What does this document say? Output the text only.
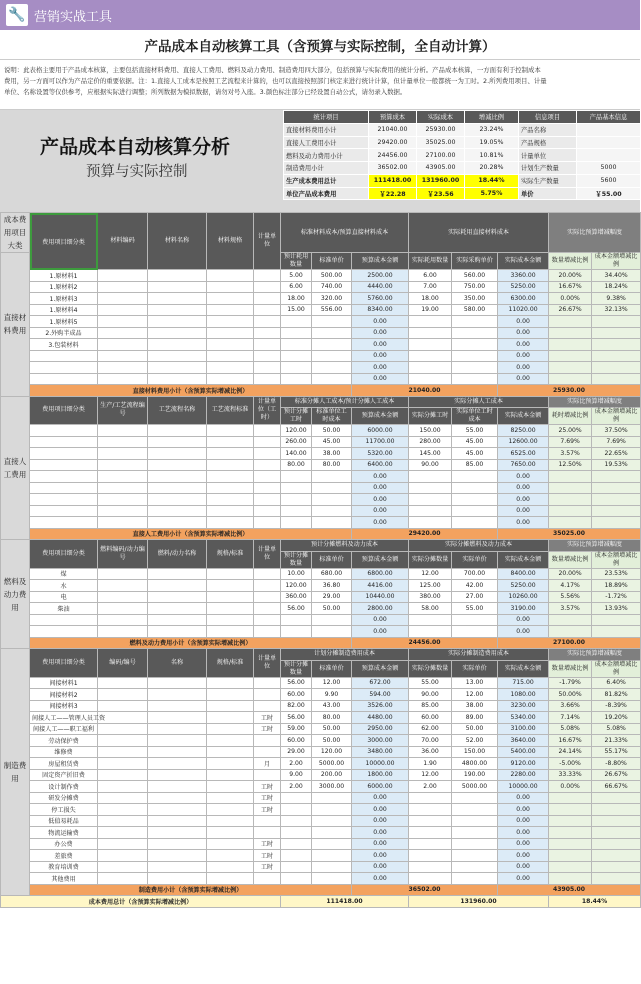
🔧 营销实战工具
产品成本自动核算工具（含预算与实际控制，全自动计算）
说明：此表格主要用于产品成本核算，主要包括直接材料费用、直接人工费用、燃料及动力费用、制造费用四大部分，包括预算与实际费用的统计分析。产品成本核算，一方面有利于控制成本
费用，另一方面可以作为产品定价的重要依据。注：1.直接人工成本是按照工艺流程来计算的，也可以直接按照部门核定来进行统计计算，但计量单位一般都统一为工时。2.所列费用项目、计量
单位、名称设置等仅供参考，应根据实际进行调整；所列数据为模拟数据，请勿对号入座。3.颜色标注部分已经设置自动公式，请勿录入数据。
产品成本自动核算分析
预算与实际控制
统计项目	预算成本	实际成本	增减比例	信息项目	产品基本信息
直接材料费用小计	21040.00	25930.00	23.24%	产品名称	
直接人工费用小计	29420.00	35025.00	19.05%	产品规格	
燃料及动力费用小计	24456.00	27100.00	10.81%	计量单位	
制造费用小计	36502.00	43905.00	20.28%	计划生产数量	5000
生产成本费用总计	111418.00	131960.00	18.44%	实际生产数量	5600
单位产品成本费用	￥22.28	￥23.56	5.75%	单价	￥55.00
成本费用项目大类	费用项目细分类	材料编码	材料名称	材料规格	计量单位	标准材料成本/预算直接材料成本			实际耗用直接材料成本			实际比预算增减幅度		
直接材料费用						预计耗用数量	标准单价	预算成本金额	实际耗用数量	实际采购单价	实际成本金额	数量增减比例	成本金额增减比例	
	1.原材料1					5.00	500.00	2500.00	6.00	560.00	3360.00	20.00%	34.40%	
	1.原材料2					6.00	740.00	4440.00	7.00	750.00	5250.00	16.67%	18.24%	
	1.原材料3					18.00	320.00	5760.00	18.00	350.00	6300.00	0.00%	9.38%	
	1.原材料4					15.00	556.00	8340.00	19.00	580.00	11020.00	26.67%	32.13%	
	1.原材料5							0.00			0.00			
	2.外购半成品							0.00			0.00			
	3.包装材料							0.00			0.00			
								0.00			0.00			
								0.00			0.00			
								0.00			0.00			
	直接材料费用小计（含预算实际增减比例）							21040.00			25930.00	
直接人工费用	费用项目细分类	生产/工艺流程编号	工艺流程名称	工艺流程标准	计量单位（工时）	标准分摊人工成本/预计分摊人工成本			实际分摊人工成本			实际比预算增减幅度		
						预计分摊工时	标准单位工时成本	预算成本金额	实际分摊工时	实际单位工时成本	实际成本金额	耗时增减比例	成本金额增减比例	
						120.00	50.00	6000.00	150.00	55.00	8250.00	25.00%	37.50%	
						260.00	45.00	11700.00	280.00	45.00	12600.00	7.69%	7.69%	
						140.00	38.00	5320.00	145.00	45.00	6525.00	3.57%	22.65%	
						80.00	80.00	6400.00	90.00	85.00	7650.00	12.50%	19.53%	
								0.00			0.00			
								0.00			0.00			
								0.00			0.00			
								0.00			0.00			
								0.00			0.00			
	直接人工费用小计（含预算实际增减比例）							29420.00			35025.00	
燃料及动力费用	费用项目细分类	燃料编码/动力编号	燃料/动力名称	规格/标准	计量单位	预计分摊燃料及动力成本			实际分摊燃料及动力成本			实际比预算增减幅度		
						预计分摊数量	标准单价	预算成本金额	实际分摊数量	实际单价	实际成本金额	数量增减比例	成本金额增减比例	
	煤					10.00	680.00	6800.00	12.00	700.00	8400.00	20.00%	23.53%	
	水					120.00	36.80	4416.00	125.00	42.00	5250.00	4.17%	18.89%	
	电					360.00	29.00	10440.00	380.00	27.00	10260.00	5.56%	-1.72%	
	柴油					56.00	50.00	2800.00	58.00	55.00	3190.00	3.57%	13.93%	
								0.00			0.00			
								0.00			0.00			
	燃料及动力费用小计（含预算实际增减比例）							24456.00			27100.00	
制造费用	费用项目细分类	编码/编号	名称	规格/标准	计量单位	计划分摊制造费用成本			实际分摊制造费用成本			实际比预算增减幅度		
						预计分摊数量	标准单价	预算成本金额	实际分摊数量	实际单价	实际成本金额	数量增减比例	成本金额增减比例	
	间接材料1					56.00	12.00	672.00	55.00	13.00	715.00	-1.79%	6.40%	
	间接材料2					60.00	9.90	594.00	90.00	12.00	1080.00	50.00%	81.82%	
	间接材料3					82.00	43.00	3526.00	85.00	38.00	3230.00	3.66%	-8.39%	
	间接人工——管理人员工资				工时	56.00	80.00	4480.00	60.00	89.00	5340.00	7.14%	19.20%	
	间接人工——职工福利				工时	59.00	50.00	2950.00	62.00	50.00	3100.00	5.08%	5.08%	
	劳动保护费					60.00	50.00	3000.00	70.00	52.00	3640.00	16.67%	21.33%	
	维修费					29.00	120.00	3480.00	36.00	150.00	5400.00	24.14%	55.17%	
	房屋租赁费				月	2.00	5000.00	10000.00	1.90	4800.00	9120.00	-5.00%	-8.80%	
	固定资产折旧费					9.00	200.00	1800.00	12.00	190.00	2280.00	33.33%	26.67%	
	设计制作费				工时	2.00	3000.00	6000.00	2.00	5000.00	10000.00	0.00%	66.67%	
	研发分摊费				工时			0.00			0.00			
	停工损失				工时			0.00			0.00			
	低值易耗品							0.00			0.00			
	物流运输费							0.00			0.00			
	办公费				工时			0.00			0.00			
	差旅费				工时			0.00			0.00			
	教育培训费				工时			0.00			0.00			
	其他费用							0.00			0.00			
	制造费用小计（含预算实际增减比例）							36502.00			43905.00	
成本费用总计（含预算实际增减比例）						111418.00			131960.00			18.44%		
